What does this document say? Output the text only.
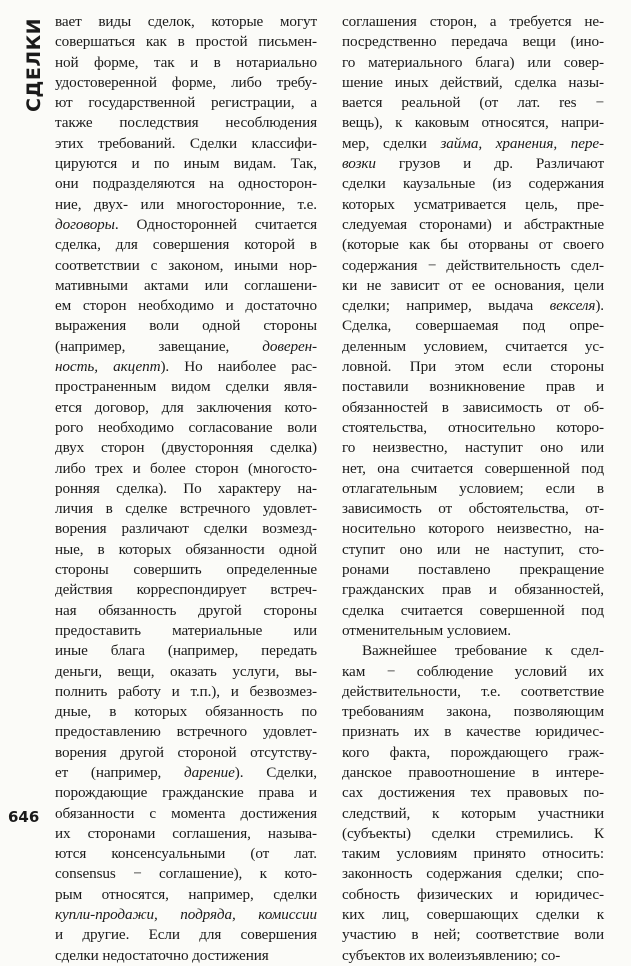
СДЕЛКИ
646
вает виды сделок, которые могут
совершаться как в простой письмен-
ной форме, так и в нотариально
удостоверенной форме, либо требу-
ют государственной регистрации, а
также последствия несоблюдения
этих требований. Сделки классифи-
цируются и по иным видам. Так,
они подразделяются на односторон-
ние, двух- или многосторонние, т.е.
договоры. Односторонней считается
сделка, для совершения которой в
соответствии с законом, иными нор-
мативными актами или соглашени-
ем сторон необходимо и достаточно
выражения воли одной стороны
(например, завещание, доверен-
ность, акцепт). Но наиболее рас-
пространенным видом сделки явля-
ется договор, для заключения кото-
рого необходимо согласование воли
двух сторон (двусторонняя сделка)
либо трех и более сторон (многосто-
ронняя сделка). По характеру на-
личия в сделке встречного удовлет-
ворения различают сделки возмезд-
ные, в которых обязанности одной
стороны совершить определенные
действия корреспондирует встреч-
ная обязанность другой стороны
предоставить материальные или
иные блага (например, передать
деньги, вещи, оказать услуги, вы-
полнить работу и т.п.), и безвозмез-
дные, в которых обязанность по
предоставлению встречного удовлет-
ворения другой стороной отсутству-
ет (например, дарение). Сделки,
порождающие гражданские права и
обязанности с момента достижения
их сторонами соглашения, называ-
ются консенсуальными (от лат.
consensus − соглашение), к кото-
рым относятся, например, сделки
купли-продажи, подряда, комиссии
и другие. Если для совершения
сделки недостаточно достижения
соглашения сторон, а требуется не-
посредственно передача вещи (ино-
го материального блага) или совер-
шение иных действий, сделка назы-
вается реальной (от лат. res −
вещь), к каковым относятся, напри-
мер, сделки займа, хранения, пере-
возки грузов и др. Различают
сделки каузальные (из содержания
которых усматривается цель, пре-
следуемая сторонами) и абстрактные
(которые как бы оторваны от своего
содержания − действительность сдел-
ки не зависит от ее основания, цели
сделки; например, выдача векселя).
Сделка, совершаемая под опре-
деленным условием, считается ус-
ловной. При этом если стороны
поставили возникновение прав и
обязанностей в зависимость от об-
стоятельства, относительно которо-
го неизвестно, наступит оно или
нет, она считается совершенной под
отлагательным условием; если в
зависимость от обстоятельства, от-
носительно которого неизвестно, на-
ступит оно или не наступит, сто-
ронами поставлено прекращение
гражданских прав и обязанностей,
сделка считается совершенной под
отменительным условием.
Важнейшее требование к сдел-
кам − соблюдение условий их
действительности, т.е. соответствие
требованиям закона, позволяющим
признать их в качестве юридичес-
кого факта, порождающего граж-
данское правоотношение в интере-
сах достижения тех правовых по-
следствий, к которым участники
(субъекты) сделки стремились. К
таким условиям принято относить:
законность содержания сделки; спо-
собность физических и юридичес-
ких лиц, совершающих сделки к
участию в ней; соответствие воли
субъектов их волеизъявлению; со-
